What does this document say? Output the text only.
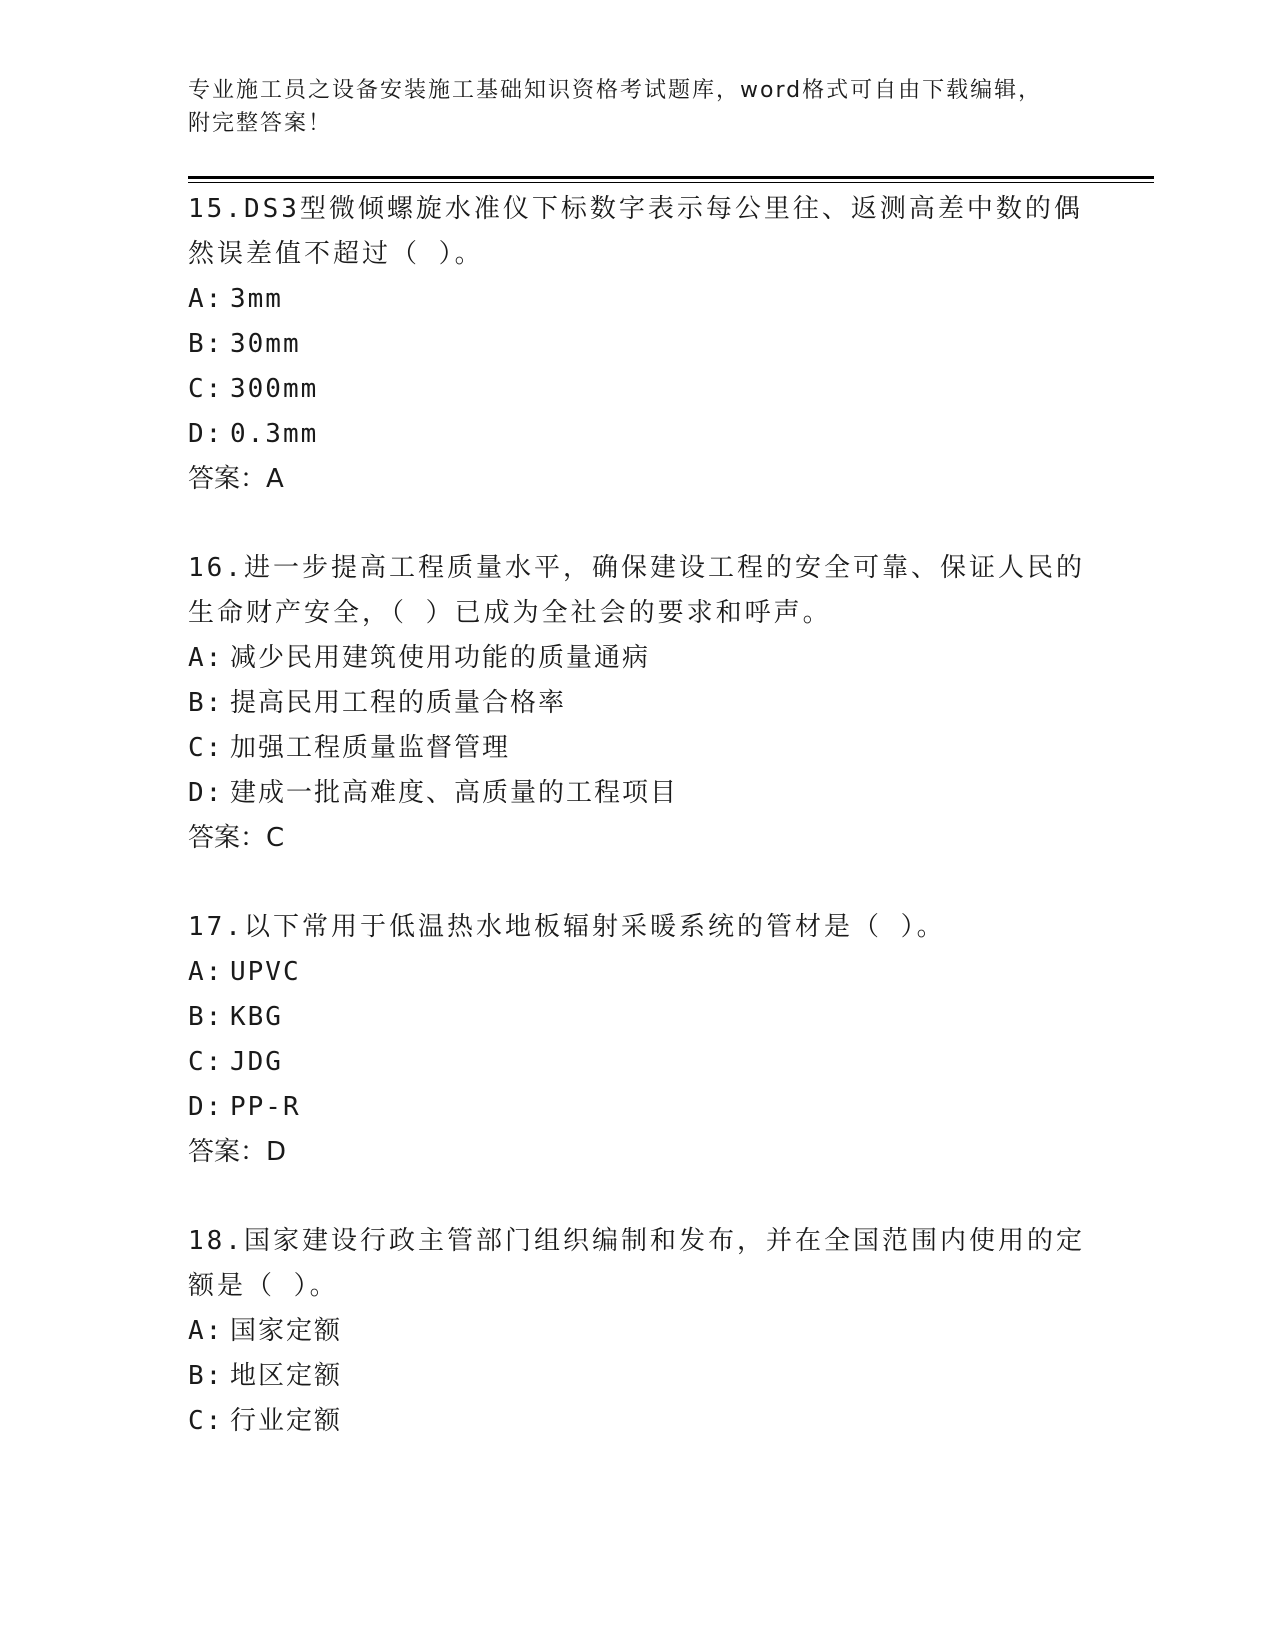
专业施工员之设备安装施工基础知识资格考试题库，word格式可自由下载编辑，
附完整答案！

15.DS3型微倾螺旋水准仪下标数字表示每公里往、返测高差中数的偶

然误差值不超过（ ）。

A: 3mm

B: 30mm

C: 300mm

D: 0.3mm

答案：A

16.进一步提高工程质量水平，确保建设工程的安全可靠、保证人民的

生命财产安全，（ ）已成为全社会的要求和呼声。

A: 减少民用建筑使用功能的质量通病

B: 提高民用工程的质量合格率

C: 加强工程质量监督管理

D: 建成一批高难度、高质量的工程项目

答案：C

17.以下常用于低温热水地板辐射采暖系统的管材是（ ）。

A: UPVC

B: KBG

C: JDG

D: PP-R

答案：D

18.国家建设行政主管部门组织编制和发布，并在全国范围内使用的定

额是（ ）。

A: 国家定额

B: 地区定额

C: 行业定额
